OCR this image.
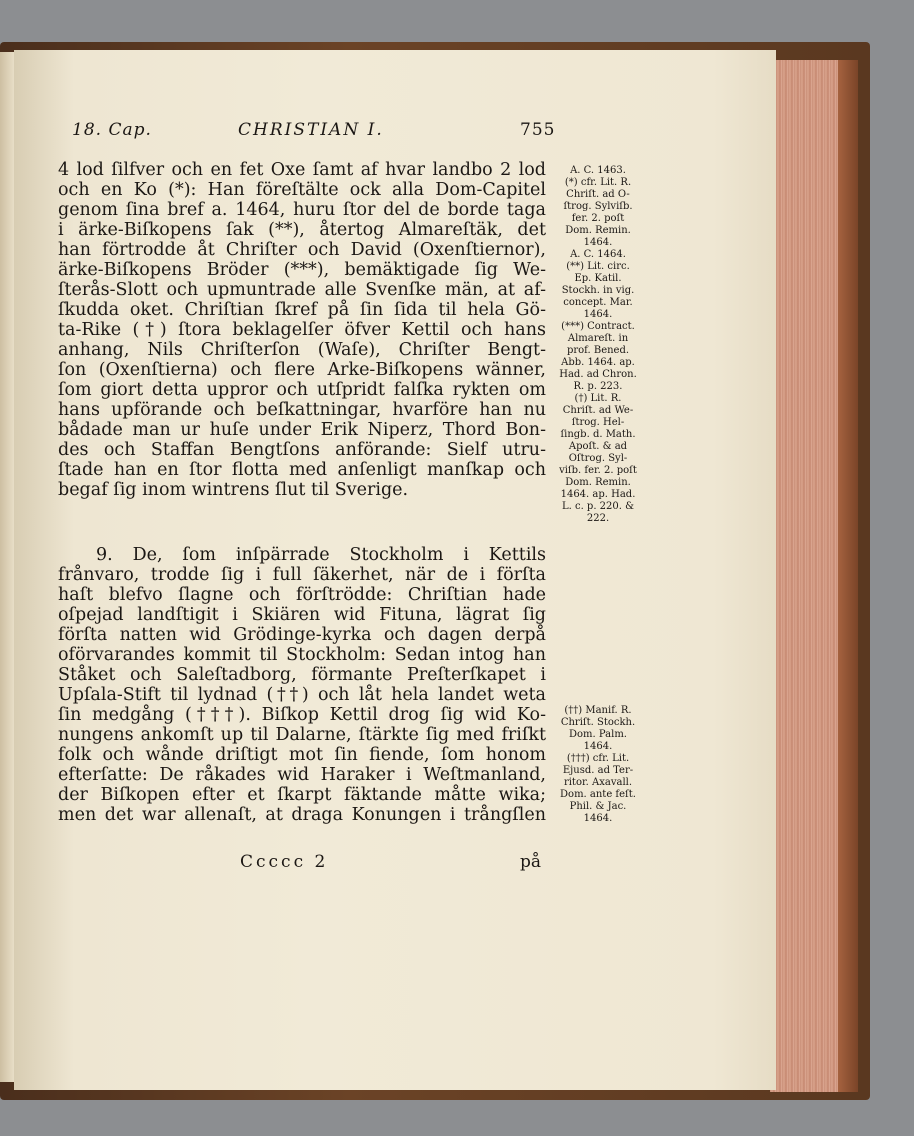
18. Cap.	CHRISTIAN I.	755
4 lod ſilfver och en fet Oxe ſamt af hvar landbo 2 lod
och en Ko (*): Han föreſtälte ock alla Dom-Capitel
genom ſina bref a. 1464, huru ſtor del de borde taga
i ärke-Biſkopens ſak (**), återtog Almareſtäk, det
han förtrodde åt Chriſter och David (Oxenſtiernor),
ärke-Biſkopens Bröder (***), bemäktigade ſig We-
ſterås-Slott och upmuntrade alle Svenſke män, at af-
ſkudda oket. Chriſtian ſkref på ſin ſida til hela Gö-
ta-Rike (†) ſtora beklagelſer öfver Kettil och hans
anhang, Nils Chriſterſon (Waſe), Chriſter Bengt-
ſon (Oxenſtierna) och flere Arke-Biſkopens wänner,
ſom giort detta uppror och utſpridt falſka rykten om
hans upförande och beſkattningar, hvarföre han nu
bådade man ur huſe under Erik Niperz, Thord Bon-
des och Staffan Bengtſons anförande: Sielf utru-
ſtade han en ſtor flotta med anſenligt manſkap och
begaf ſig inom wintrens ſlut til Sverige.
9. De, ſom inſpärrade Stockholm i Kettils
frånvaro, trodde ſig i full ſäkerhet, när de i förſta
haſt blefvo ſlagne och förſtrödde: Chriſtian hade
oſpejad landſtigit i Skiären wid Fituna, lägrat ſig
förſta natten wid Grödinge-kyrka och dagen derpå
oförvarandes kommit til Stockholm: Sedan intog han
Ståket och Saleſtadborg, förmante Preſterſkapet i
Upſala-Stift til lydnad (††) och låt hela landet weta
ſin medgång (†††). Biſkop Kettil drog ſig wid Ko-
nungens ankomſt up til Dalarne, ſtärkte ſig med friſkt
folk och wånde driſtigt mot ſin fiende, ſom honom
efterſatte: De råkades wid Haraker i Weſtmanland,
der Biſkopen efter et ſkarpt fäktande måtte wika;
men det war allenaſt, at draga Konungen i trångſlen
A. C. 1463.
(*) cfr. Lit. R.
Chriſt. ad O-
ſtrog. Sylviſb.
fer. 2. poſt
Dom. Remin.
1464.
A. C. 1464.
(**) Lit. circ.
Ep. Katil.
Stockh. in vig.
concept. Mar.
1464.
(***) Contract.
Almareſt. in
prof. Bened.
Abb. 1464. ap.
Had. ad Chron.
R. p. 223.
(†) Lit. R.
Chriſt. ad We-
ſtrog. Hel-
ſingb. d. Math.
Apoſt. & ad
Oſtrog. Syl-
viſb. fer. 2. poſt
Dom. Remin.
1464. ap. Had.
L. c. p. 220. &
222.
(††) Manif. R.
Chriſt. Stockh.
Dom. Palm.
1464.
(†††) cfr. Lit.
Ejusd. ad Ter-
ritor. Axavall.
Dom. ante feſt.
Phil. & Jac.
1464.
Ccccc 2	på
